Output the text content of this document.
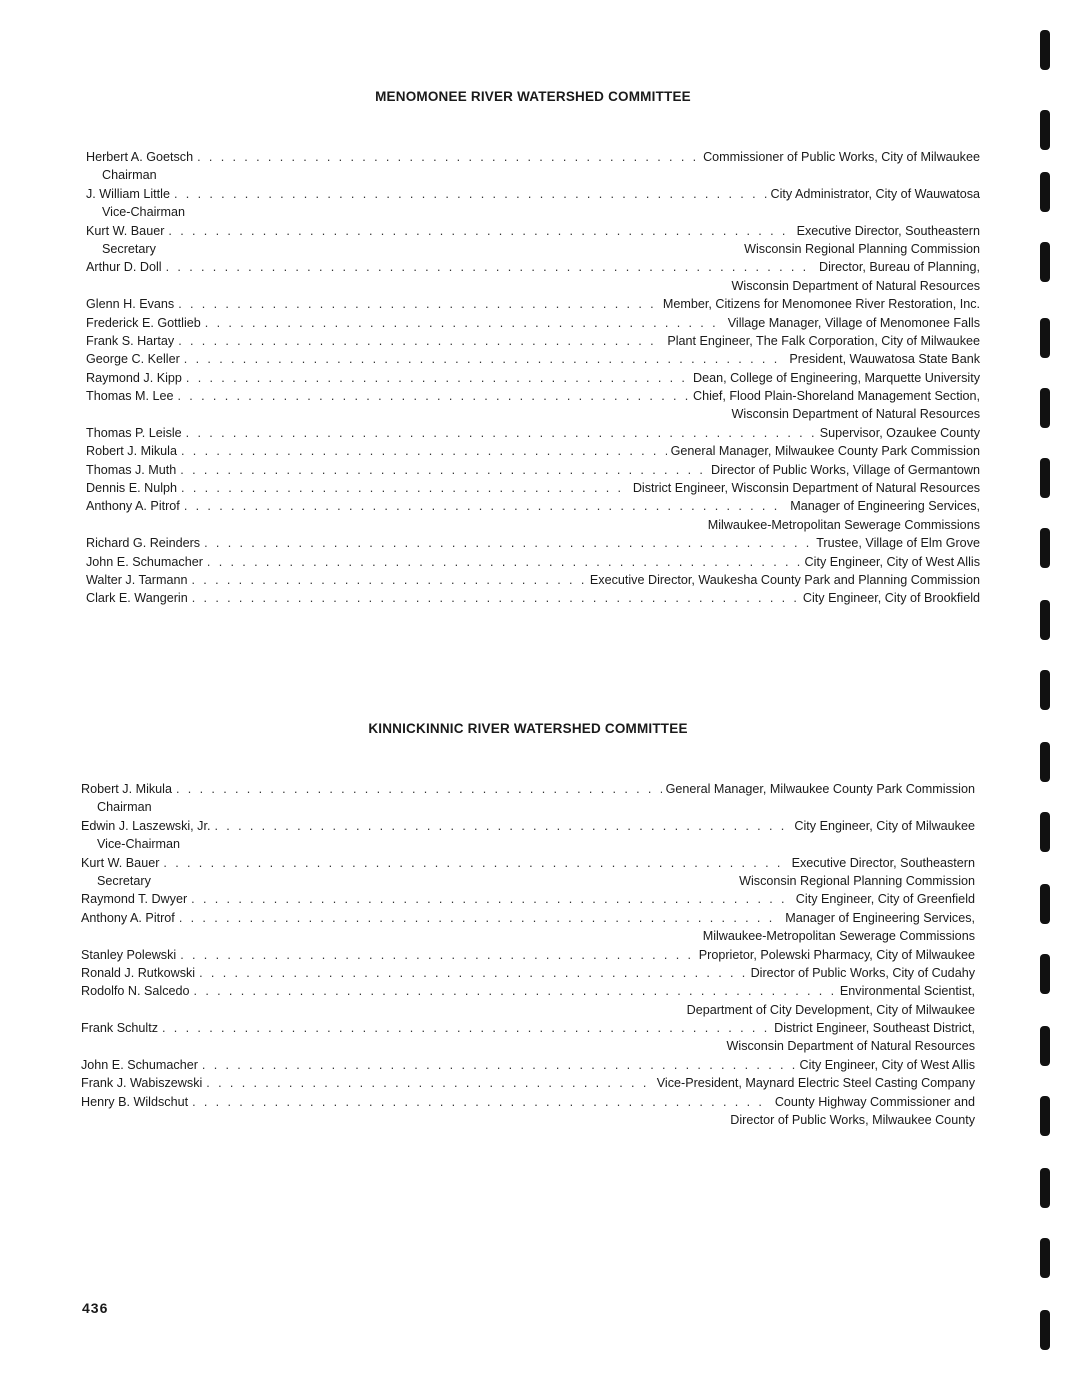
MENOMONEE RIVER WATERSHED COMMITTEE
Herbert A. Goetsch . . .	Commissioner of Public Works, City of Milwaukee
Chairman
J. William Little . . .	City Administrator, City of Wauwatosa
Vice-Chairman
Kurt W. Bauer . . .	Executive Director, Southeastern
Secretary	Wisconsin Regional Planning Commission
Arthur D. Doll . . .	Director, Bureau of Planning,
Wisconsin Department of Natural Resources
Glenn H. Evans . . .	Member, Citizens for Menomonee River Restoration, Inc.
Frederick E. Gottlieb . . .	Village Manager, Village of Menomonee Falls
Frank S. Hartay . . .	Plant Engineer, The Falk Corporation, City of Milwaukee
George C. Keller . . .	President, Wauwatosa State Bank
Raymond J. Kipp . . .	Dean, College of Engineering, Marquette University
Thomas M. Lee . . .	Chief, Flood Plain-Shoreland Management Section,
Wisconsin Department of Natural Resources
Thomas P. Leisle . . .	Supervisor, Ozaukee County
Robert J. Mikula . . .	General Manager, Milwaukee County Park Commission
Thomas J. Muth . . .	Director of Public Works, Village of Germantown
Dennis E. Nulph . . .	District Engineer, Wisconsin Department of Natural Resources
Anthony A. Pitrof . . .	Manager of Engineering Services,
Milwaukee-Metropolitan Sewerage Commissions
Richard G. Reinders . . .	Trustee, Village of Elm Grove
John E. Schumacher . . .	City Engineer, City of West Allis
Walter J. Tarmann . . .	Executive Director, Waukesha County Park and Planning Commission
Clark E. Wangerin . . .	City Engineer, City of Brookfield
KINNICKINNIC RIVER WATERSHED COMMITTEE
Robert J. Mikula . . .	General Manager, Milwaukee County Park Commission
Chairman
Edwin J. Laszewski, Jr. . . .	City Engineer, City of Milwaukee
Vice-Chairman
Kurt W. Bauer . . .	Executive Director, Southeastern
Secretary	Wisconsin Regional Planning Commission
Raymond T. Dwyer . . .	City Engineer, City of Greenfield
Anthony A. Pitrof . . .	Manager of Engineering Services,
Milwaukee-Metropolitan Sewerage Commissions
Stanley Polewski . . .	Proprietor, Polewski Pharmacy, City of Milwaukee
Ronald J. Rutkowski . . .	Director of Public Works, City of Cudahy
Rodolfo N. Salcedo . . .	Environmental Scientist,
Department of City Development, City of Milwaukee
Frank Schultz . . .	District Engineer, Southeast District,
Wisconsin Department of Natural Resources
John E. Schumacher . . .	City Engineer, City of West Allis
Frank J. Wabiszewski . . .	Vice-President, Maynard Electric Steel Casting Company
Henry B. Wildschut . . .	County Highway Commissioner and
Director of Public Works, Milwaukee County
436
